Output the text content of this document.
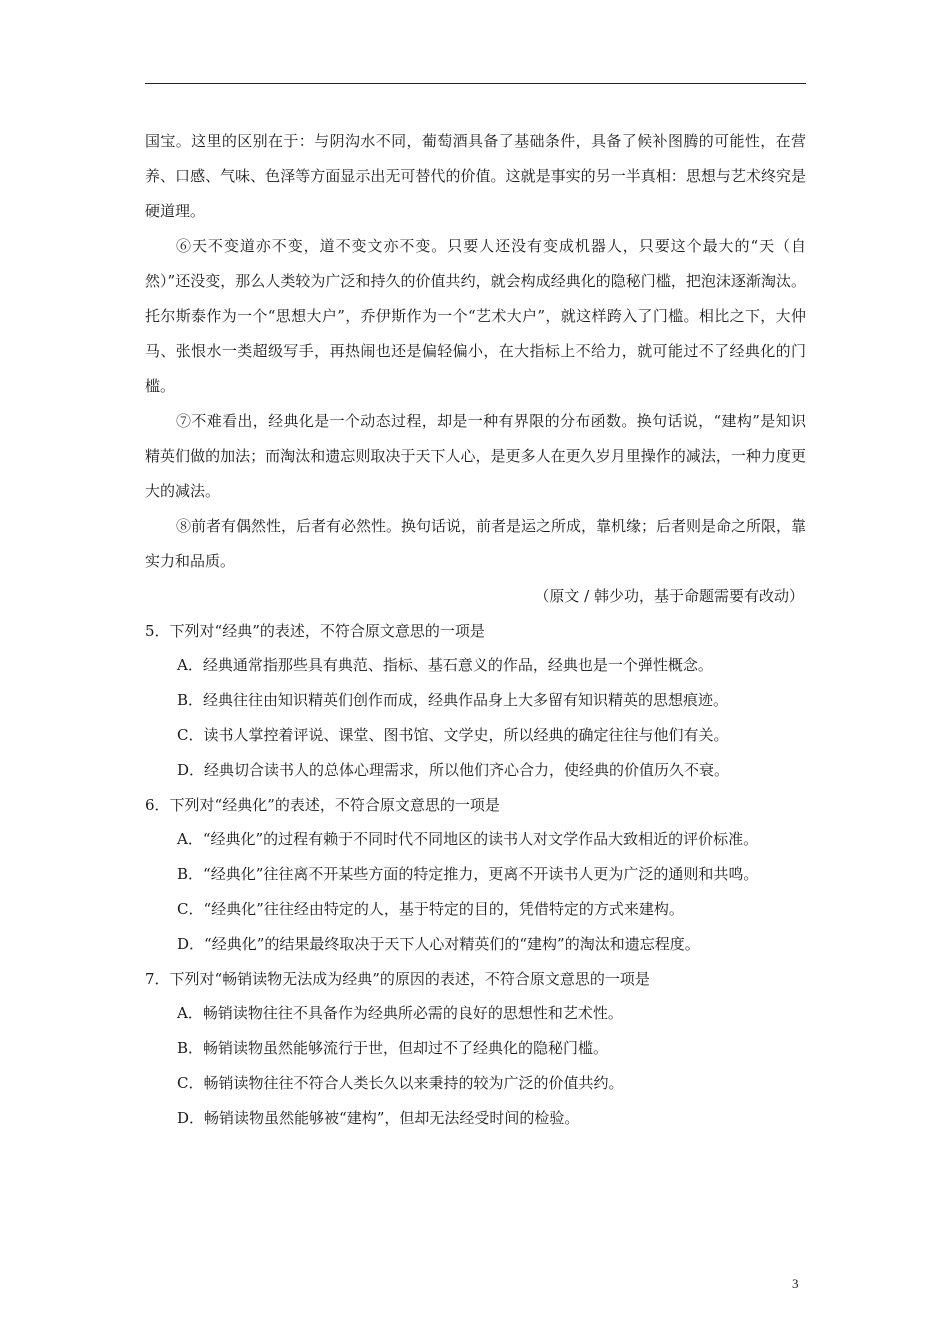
国宝。这里的区别在于：与阴沟水不同，葡萄酒具备了基础条件，具备了候补图腾的可能性，在营养、口感、气味、色泽等方面显示出无可替代的价值。这就是事实的另一半真相：思想与艺术终究是硬道理。

⑥天不变道亦不变，道不变文亦不变。只要人还没有变成机器人，只要这个最大的“天（自然）”还没变，那么人类较为广泛和持久的价值共约，就会构成经典化的隐秘门槛，把泡沫逐渐淘汰。托尔斯泰作为一个“思想大户”，乔伊斯作为一个“艺术大户”，就这样跨入了门槛。相比之下，大仲马、张恨水一类超级写手，再热闹也还是偏轻偏小，在大指标上不给力，就可能过不了经典化的门槛。

⑦不难看出，经典化是一个动态过程，却是一种有界限的分布函数。换句话说，“建构”是知识精英们做的加法；而淘汰和遗忘则取决于天下人心，是更多人在更久岁月里操作的减法，一种力度更大的减法。

⑧前者有偶然性，后者有必然性。换句话说，前者是运之所成，靠机缘；后者则是命之所限，靠实力和品质。

（原文 / 韩少功，基于命题需要有改动）

5．下列对“经典”的表述，不符合原文意思的一项是

A．经典通常指那些具有典范、指标、基石意义的作品，经典也是一个弹性概念。

B．经典往往由知识精英们创作而成，经典作品身上大多留有知识精英的思想痕迹。

C．读书人掌控着评说、课堂、图书馆、文学史，所以经典的确定往往与他们有关。

D．经典切合读书人的总体心理需求，所以他们齐心合力，使经典的价值历久不衰。

6．下列对“经典化”的表述，不符合原文意思的一项是

A．“经典化”的过程有赖于不同时代不同地区的读书人对文学作品大致相近的评价标准。

B．“经典化”往往离不开某些方面的特定推力，更离不开读书人更为广泛的通则和共鸣。

C．“经典化”往往经由特定的人，基于特定的目的，凭借特定的方式来建构。

D．“经典化”的结果最终取决于天下人心对精英们的“建构”的淘汰和遗忘程度。

7．下列对“畅销读物无法成为经典”的原因的表述，不符合原文意思的一项是

A．畅销读物往往不具备作为经典所必需的良好的思想性和艺术性。

B．畅销读物虽然能够流行于世，但却过不了经典化的隐秘门槛。

C．畅销读物往往不符合人类长久以来秉持的较为广泛的价值共约。

D．畅销读物虽然能够被“建构”，但却无法经受时间的检验。

3
